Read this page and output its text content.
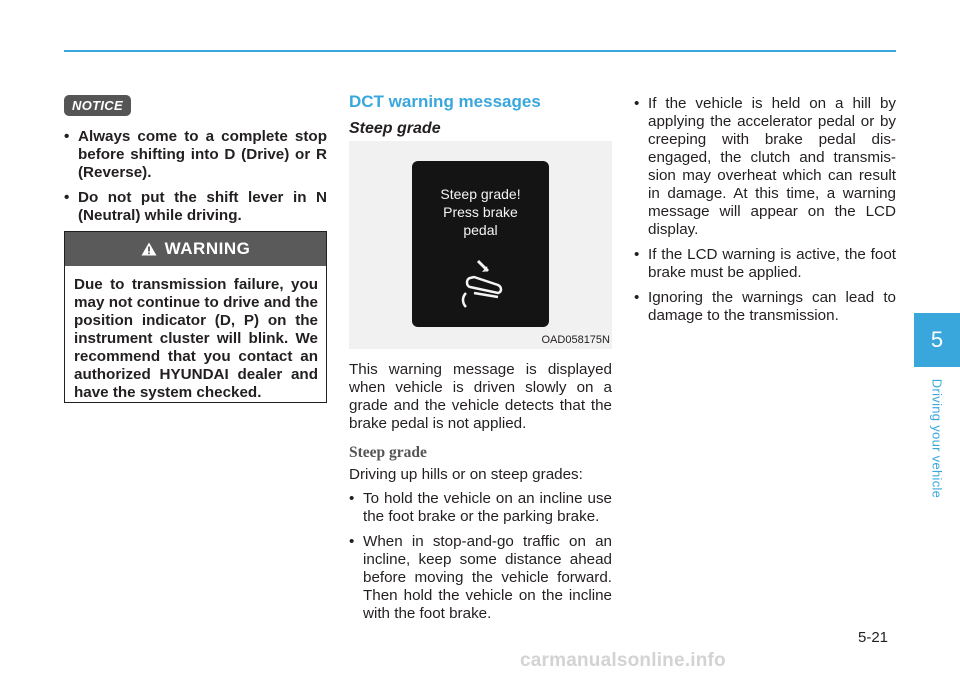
NOTICE
• Always come to a complete stop before shifting into D (Drive) or R (Reverse).
• Do not put the shift lever in N (Neutral) while driving.
WARNING
Due to transmission failure, you may not continue to drive and the position indicator (D, P) on the instrument cluster will blink. We recommend that you contact an authorized HYUNDAI dealer and have the system checked.
DCT warning messages
Steep grade
Steep grade!
Press brake
pedal
OAD058175N

This warning message is displayed when vehicle is driven slowly on a grade and the vehicle detects that the brake pedal is not applied.

Steep grade

Driving up hills or on steep grades:

• To hold the vehicle on an incline use the foot brake or the parking brake.
• When in stop-and-go traffic on an incline, keep some distance ahead before moving the vehicle forward. Then hold the vehicle on the incline with the foot brake.
• If the vehicle is held on a hill by applying the accelerator pedal or by creeping with brake pedal dis-engaged, the clutch and transmis-sion may overheat which can result in damage. At this time, a warning message will appear on the LCD display.
• If the LCD warning is active, the foot brake must be applied.
• Ignoring the warnings can lead to damage to the transmission.
5
Driving your vehicle
5-21
carmanualsonline.info
